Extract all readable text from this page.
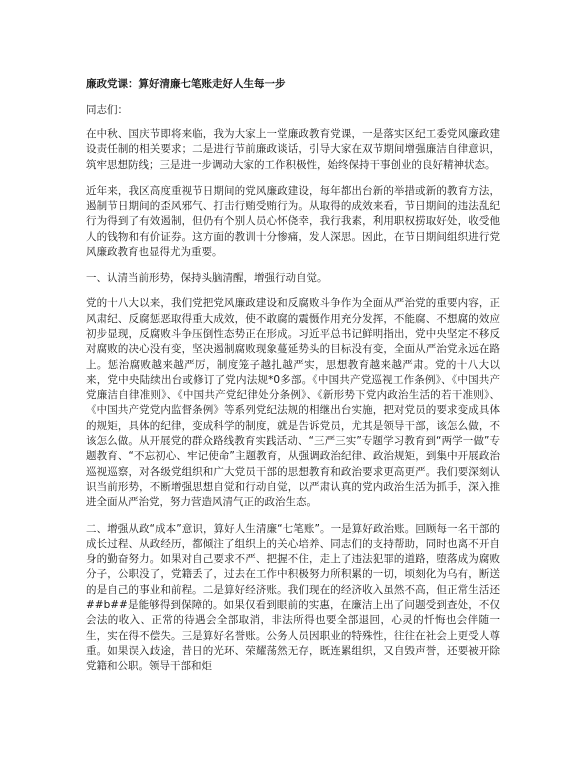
廉政党课：算好清廉七笔账走好人生每一步
同志们：

在中秋、国庆节即将来临，我为大家上一堂廉政教育党课，一是落实区纪工委党风廉政建设责任制的相关要求；二是进行节前廉政谈话，引导大家在双节期间增强廉洁自律意识，筑牢思想防线；三是进一步调动大家的工作积极性，始终保持干事创业的良好精神状态。

近年来，我区高度重视节日期间的党风廉政建设，每年都出台新的举措或新的教育方法，遏制节日期间的歪风邪气、打击行贿受贿行为。从取得的成效来看，节日期间的违法乱纪行为得到了有效遏制，但仍有个别人员心怀侥幸，我行我素，利用职权捞取好处，收受他人的钱物和有价证券。这方面的教训十分惨痛，发人深思。因此，在节日期间组织进行党风廉政教育也显得尤为重要。

一、认清当前形势，保持头脑清醒，增强行动自觉。

党的十八大以来，我们党把党风廉政建设和反腐败斗争作为全面从严治党的重要内容，正风肃纪、反腐惩恶取得重大成效，使不敢腐的震慑作用充分发挥，不能腐、不想腐的效应初步显现，反腐败斗争压倒性态势正在形成。习近平总书记鲜明指出，党中央坚定不移反对腐败的决心没有变，坚决遏制腐败现象蔓延势头的目标没有变，全面从严治党永远在路上。惩治腐败越来越严厉，制度笼子越扎越严实，思想教育越来越严肃。党的十八大以来，党中央陆续出台或修订了党内法规*0多部。《中国共产党巡视工作条例》、《中国共产党廉洁自律准则》、《中国共产党纪律处分条例》、《新形势下党内政治生活的若干准则》、《中国共产党党内监督条例》等系列党纪法规的相继出台实施，把对党员的要求变成具体的规矩，具体的纪律，变成科学的制度，就是告诉党员，尤其是领导干部，该怎么做，不该怎么做。从开展党的群众路线教育实践活动、“三严三实”专题学习教育到“两学一做”专题教育、“不忘初心、牢记使命”主题教育，从强调政治纪律、政治规矩，到集中开展政治巡视巡察，对各级党组织和广大党员干部的思想教育和政治要求更高更严。我们要深刻认识当前形势，不断增强思想自觉和行动自觉，以严肃认真的党内政治生活为抓手，深入推进全面从严治党，努力营造风清气正的政治生态。

二、增强从政“成本”意识，算好人生清廉“七笔账”。一是算好政治账。回顾每一名干部的成长过程、从政经历，都倾注了组织上的关心培养、同志们的支持帮助，同时也离不开自身的勤奋努力。如果对自己要求不严、把握不住，走上了违法犯罪的道路，堕落成为腐败分子，公职没了，党籍丢了，过去在工作中积极努力所积累的一切，顷刻化为乌有，断送的是自己的事业和前程。二是算好经济账。我们现在的经济收入虽然不高，但正常生活还##b##是能够得到保障的。如果仅看到眼前的实惠，在廉洁上出了问题受到查处，不仅会法的收入、正常的待遇会全部取消，非法所得也要全部退回，心灵的忏悔也会伴随一生，实在得不偿失。三是算好名誉账。公务人员因职业的特殊性，往往在社会上更受人尊重。如果误入歧途，昔日的光环、荣耀荡然无存，既连累组织，又自毁声誉，还要被开除党籍和公职。领导干部和炬
